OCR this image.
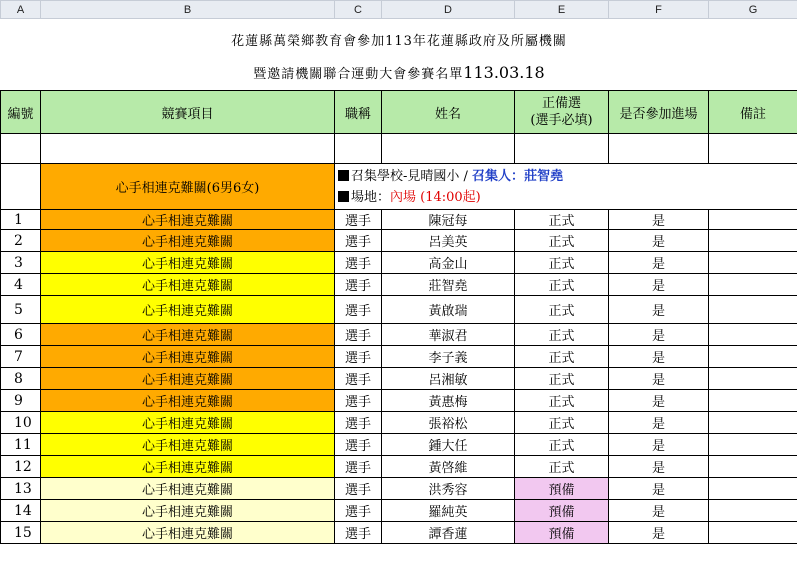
A	B	C	D	E	F	G
花蓮縣萬榮鄉教育會參加113年花蓮縣政府及所屬機關						
暨邀請機關聯合運動大會參賽名單113.03.18						
編號	競賽項目	職稱	姓名	正備選
(選手必填)	是否參加進場	備註

	心手相連克難關(6男6女)	召集學校-見晴國小 / 召集人：莊智堯
場地：內場 (14:00起)				

1	心手相連克難關	選手	陳冠每	正式	是	
2	心手相連克難關	選手	呂美英	正式	是	
3	心手相連克難關	選手	高金山	正式	是	
4	心手相連克難關	選手	莊智堯	正式	是	
5	心手相連克難關	選手	黃啟瑞	正式	是	
6	心手相連克難關	選手	華淑君	正式	是	
7	心手相連克難關	選手	李子義	正式	是	
8	心手相連克難關	選手	呂湘敏	正式	是	
9	心手相連克難關	選手	黃惠梅	正式	是	
10	心手相連克難關	選手	張裕松	正式	是	
11	心手相連克難關	選手	鍾大任	正式	是	
12	心手相連克難關	選手	黃啓維	正式	是	
13	心手相連克難關	選手	洪秀容	預備	是	
14	心手相連克難關	選手	羅純英	預備	是	
15	心手相連克難關	選手	譚香蓮	預備	是	
